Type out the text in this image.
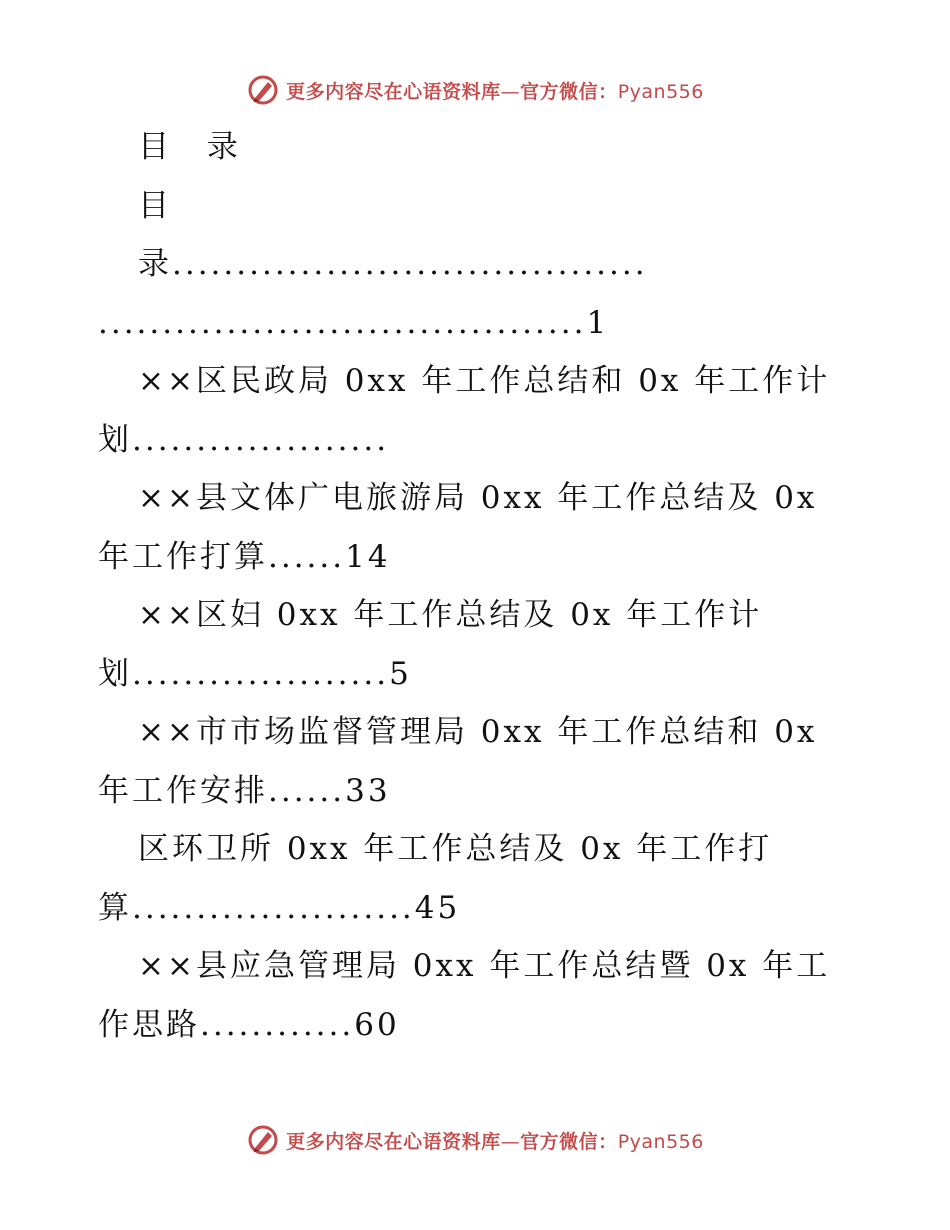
更多内容尽在心语资料库—官方微信：Pyan556
目 录
目
录.....................................
......................................1
××区民政局 0xx 年工作总结和 0x 年工作计
划....................
××县文体广电旅游局 0xx 年工作总结及 0x
年工作打算......14
××区妇 0xx 年工作总结及 0x 年工作计
划....................5
××市市场监督管理局 0xx 年工作总结和 0x
年工作安排......33
区环卫所 0xx 年工作总结及 0x 年工作打
算......................45
××县应急管理局 0xx 年工作总结暨 0x 年工
作思路............60
更多内容尽在心语资料库—官方微信：Pyan556
